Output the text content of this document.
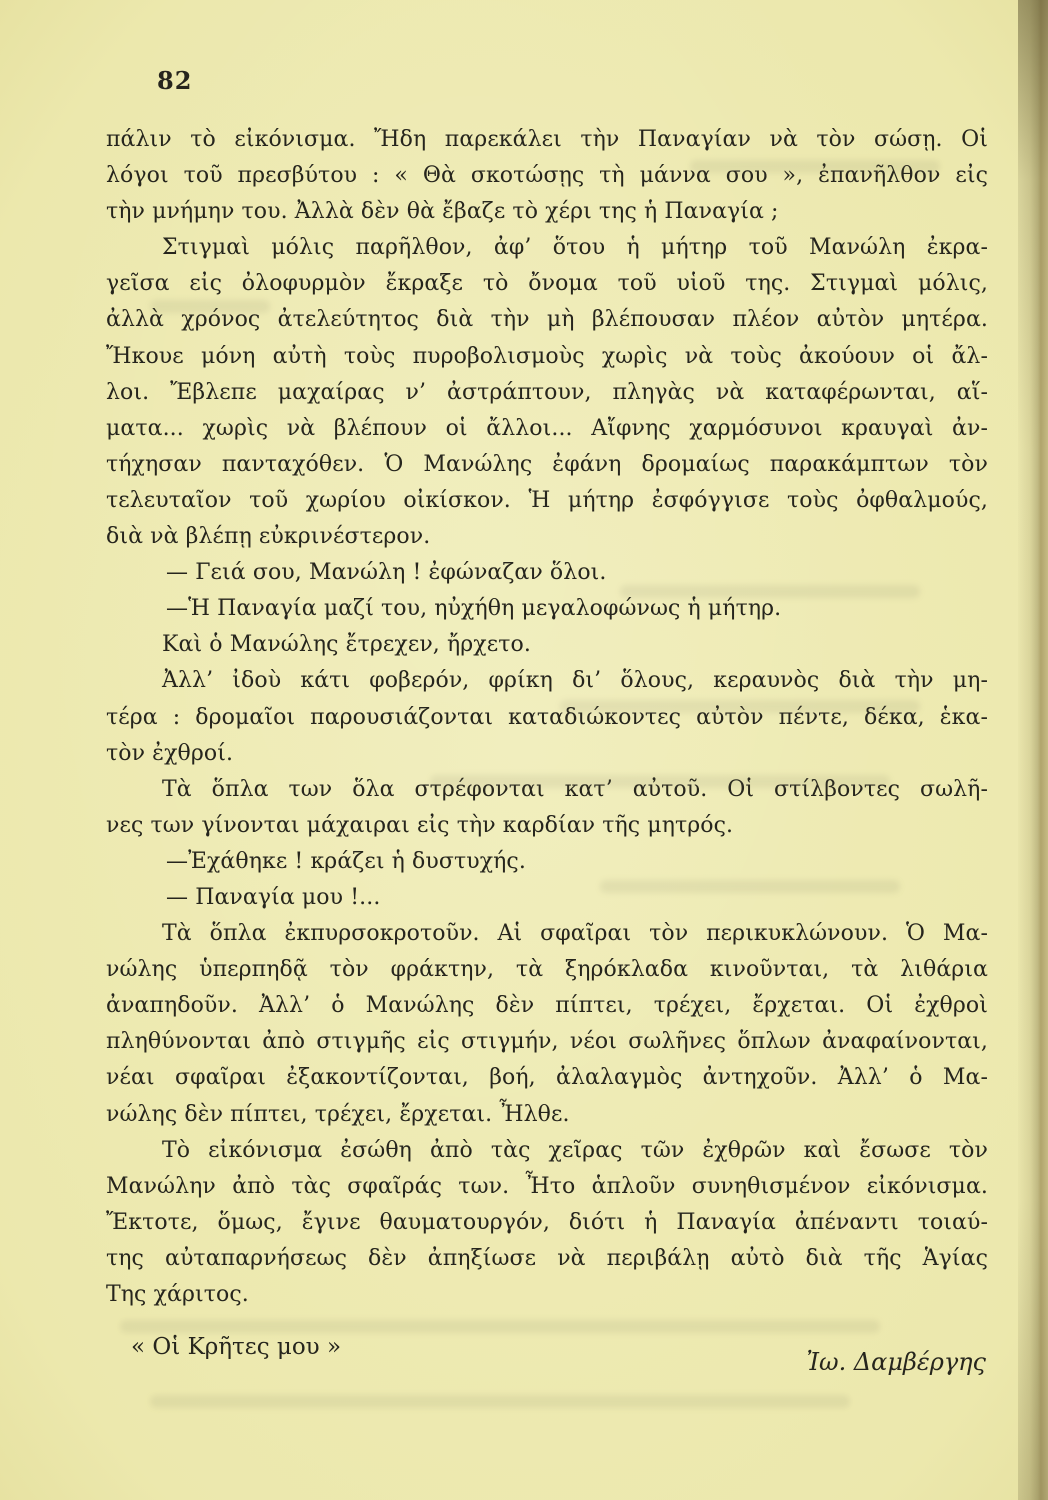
82
πάλιν τὸ εἰκόνισμα. Ἤδη παρεκάλει τὴν Παναγίαν νὰ τὸν σώσῃ. Οἱ
λόγοι τοῦ πρεσβύτου : « Θὰ σκοτώσῃς τὴ μάννα σου », ἐπανῆλθον εἰς
τὴν μνήμην του. Ἀλλὰ δὲν θὰ ἔβαζε τὸ χέρι της ἡ Παναγία ;
Στιγμαὶ μόλις παρῆλθον, ἀφ’ ὅτου ἡ μήτηρ τοῦ Μανώλη ἐκρα-
γεῖσα εἰς ὀλοφυρμὸν ἔκραξε τὸ ὄνομα τοῦ υἱοῦ της. Στιγμαὶ μόλις,
ἀλλὰ χρόνος ἀτελεύτητος διὰ τὴν μὴ βλέπουσαν πλέον αὐτὸν μητέρα.
Ἤκουε μόνη αὐτὴ τοὺς πυροβολισμοὺς χωρὶς νὰ τοὺς ἀκούουν οἱ ἄλ-
λοι. Ἔβλεπε μαχαίρας ν’ ἀστράπτουν, πληγὰς νὰ καταφέρωνται, αἵ-
ματα... χωρὶς νὰ βλέπουν οἱ ἄλλοι... Αἴφνης χαρμόσυνοι κραυγαὶ ἀν-
τήχησαν πανταχόθεν. Ὁ Μανώλης ἐφάνη δρομαίως παρακάμπτων τὸν
τελευταῖον τοῦ χωρίου οἰκίσκον. Ἡ μήτηρ ἐσφόγγισε τοὺς ὀφθαλμούς,
διὰ νὰ βλέπῃ εὐκρινέστερον.
— Γειά σου, Μανώλη ! ἐφώναζαν ὅλοι.
—Ἡ Παναγία μαζί του, ηὐχήθη μεγαλοφώνως ἡ μήτηρ.
Καὶ ὁ Μανώλης ἔτρεχεν, ἤρχετο.
Ἀλλ’ ἰδοὺ κάτι φοβερόν, φρίκη δι’ ὅλους, κεραυνὸς διὰ τὴν μη-
τέρα : δρομαῖοι παρουσιάζονται καταδιώκοντες αὐτὸν πέντε, δέκα, ἑκα-
τὸν ἐχθροί.
Τὰ ὅπλα των ὅλα στρέφονται κατ’ αὐτοῦ. Οἱ στίλβοντες σωλῆ-
νες των γίνονται μάχαιραι εἰς τὴν καρδίαν τῆς μητρός.
—Ἐχάθηκε ! κράζει ἡ δυστυχής.
— Παναγία μου !...
Τὰ ὅπλα ἐκπυρσοκροτοῦν. Αἱ σφαῖραι τὸν περικυκλώνουν. Ὁ Μα-
νώλης ὑπερπηδᾷ τὸν φράκτην, τὰ ξηρόκλαδα κινοῦνται, τὰ λιθάρια
ἀναπηδοῦν. Ἀλλ’ ὁ Μανώλης δὲν πίπτει, τρέχει, ἔρχεται. Οἱ ἐχθροὶ
πληθύνονται ἀπὸ στιγμῆς εἰς στιγμήν, νέοι σωλῆνες ὅπλων ἀναφαίνονται,
νέαι σφαῖραι ἐξακοντίζονται, βοή, ἀλαλαγμὸς ἀντηχοῦν. Ἀλλ’ ὁ Μα-
νώλης δὲν πίπτει, τρέχει, ἔρχεται. Ἦλθε.
Τὸ εἰκόνισμα ἐσώθη ἀπὸ τὰς χεῖρας τῶν ἐχθρῶν καὶ ἔσωσε τὸν
Μανώλην ἀπὸ τὰς σφαῖράς των. Ἦτο ἁπλοῦν συνηθισμένον εἰκόνισμα.
Ἔκτοτε, ὅμως, ἔγινε θαυματουργόν, διότι ἡ Παναγία ἀπέναντι τοιαύ-
της αὐταπαρνήσεως δὲν ἀπηξίωσε νὰ περιβάλῃ αὐτὸ διὰ τῆς Ἁγίας
Της χάριτος.
« Οἱ Κρῆτες μου »
Ἰω. Δαμβέργης
